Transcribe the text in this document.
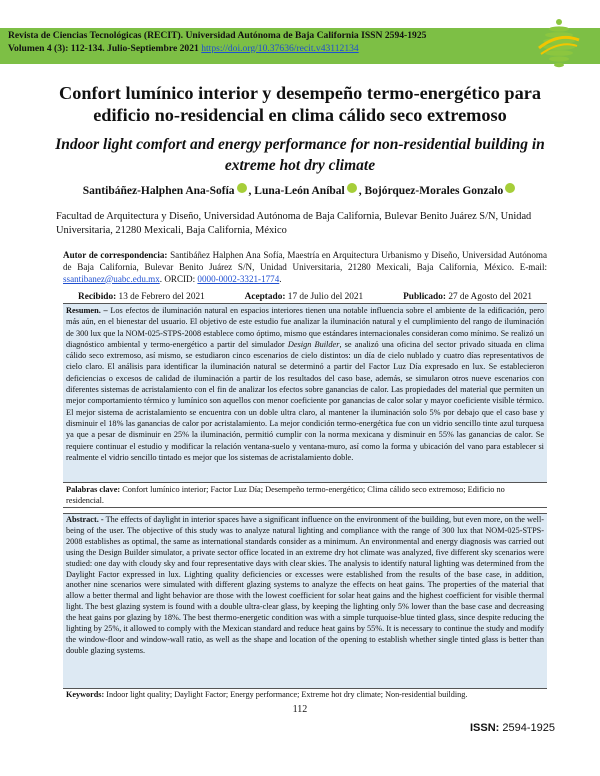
Revista de Ciencias Tecnológicas (RECIT). Universidad Autónoma de Baja California ISSN 2594-1925
Volumen 4 (3): 112-134. Julio-Septiembre 2021 https://doi.org/10.37636/recit.v43112134
Confort lumínico interior y desempeño termo-energético para edificio no-residencial en clima cálido seco extremoso
Indoor light comfort and energy performance for non-residential building in extreme hot dry climate
Santibáñez-Halphen Ana-Sofía , Luna-León Aníbal , Bojórquez-Morales Gonzalo
Facultad de Arquitectura y Diseño, Universidad Autónoma de Baja California, Bulevar Benito Juárez S/N, Unidad Universitaria, 21280 Mexicali, Baja California, México
Autor de correspondencia: Santibáñez Halphen Ana Sofía, Maestría en Arquitectura Urbanismo y Diseño, Universidad Autónoma de Baja California, Bulevar Benito Juárez S/N, Unidad Universitaria, 21280 Mexicali, Baja California, México. E-mail: ssantibanez@uabc.edu.mx. ORCID: 0000-0002-3321-1774.
Recibido: 13 de Febrero del 2021	Aceptado: 17 de Julio del 2021	Publicado: 27 de Agosto del 2021
Resumen. – Los efectos de iluminación natural en espacios interiores tienen una notable influencia sobre el ambiente de la edificación, pero más aún, en el bienestar del usuario. El objetivo de este estudio fue analizar la iluminación natural y el cumplimiento del rango de iluminación de 300 lux que la NOM-025-STPS-2008 establece como óptimo, mismo que estándares internacionales consideran como mínimo. Se realizó un diagnóstico ambiental y termo-energético a partir del simulador Design Builder, se analizó una oficina del sector privado situada en clima cálido seco extremoso, así mismo, se estudiaron cinco escenarios de cielo distintos: un día de cielo nublado y cuatro días representativos de cielo claro. El análisis para identificar la iluminación natural se determinó a partir del Factor Luz Día expresado en lux. Se establecieron deficiencias o excesos de calidad de iluminación a partir de los resultados del caso base, además, se simularon otros nueve escenarios con diferentes sistemas de acristalamiento con el fin de analizar los efectos sobre ganancias de calor. Las propiedades del material que permiten un mejor comportamiento térmico y lumínico son aquellos con menor coeficiente por ganancias de calor solar y mayor coeficiente visible térmico. El mejor sistema de acristalamiento se encuentra con un doble ultra claro, al mantener la iluminación solo 5% por debajo que el caso base y disminuir el 18% las ganancias de calor por acristalamiento. La mejor condición termo-energética fue con un vidrio sencillo tinte azul turquesa ya que a pesar de disminuir en 25% la iluminación, permitió cumplir con la norma mexicana y disminuir en 55% las ganancias de calor. Se requiere continuar el estudio y modificar la relación ventana-suelo y ventana-muro, así como la forma y ubicación del vano para establecer si realmente el vidrio sencillo tintado es mejor que los sistemas de acristalamiento doble.
Palabras clave: Confort lumínico interior; Factor Luz Día; Desempeño termo-energético; Clima cálido seco extremoso; Edificio no residencial.
Abstract. - The effects of daylight in interior spaces have a significant influence on the environment of the building, but even more, on the well-being of the user. The objective of this study was to analyze natural lighting and compliance with the range of 300 lux that NOM-025-STPS-2008 establishes as optimal, the same as international standards consider as a minimum. An environmental and energy diagnosis was carried out using the Design Builder simulator, a private sector office located in an extreme dry hot climate was analyzed, five different sky scenarios were studied: one day with cloudy sky and four representative days with clear skies. The analysis to identify natural lighting was determined from the Daylight Factor expressed in lux. Lighting quality deficiencies or excesses were established from the results of the base case, in addition, another nine scenarios were simulated with different glazing systems to analyze the effects on heat gains. The properties of the material that allow a better thermal and light behavior are those with the lowest coefficient for solar heat gains and the highest coefficient for visible thermal light. The best glazing system is found with a double ultra-clear glass, by keeping the lighting only 5% lower than the base case and decreasing the heat gains por glazing by 18%. The best thermo-energetic condition was with a simple turquoise-blue tinted glass, since despite reducing the lighting by 25%, it allowed to comply with the Mexican standard and reduce heat gains by 55%. It is necessary to continue the study and modify the window-floor and window-wall ratio, as well as the shape and location of the opening to establish whether single tinted glass is better than double glazing systems.
Keywords: Indoor light quality; Daylight Factor; Energy performance; Extreme hot dry climate; Non-residential building.
112
ISSN: 2594-1925
